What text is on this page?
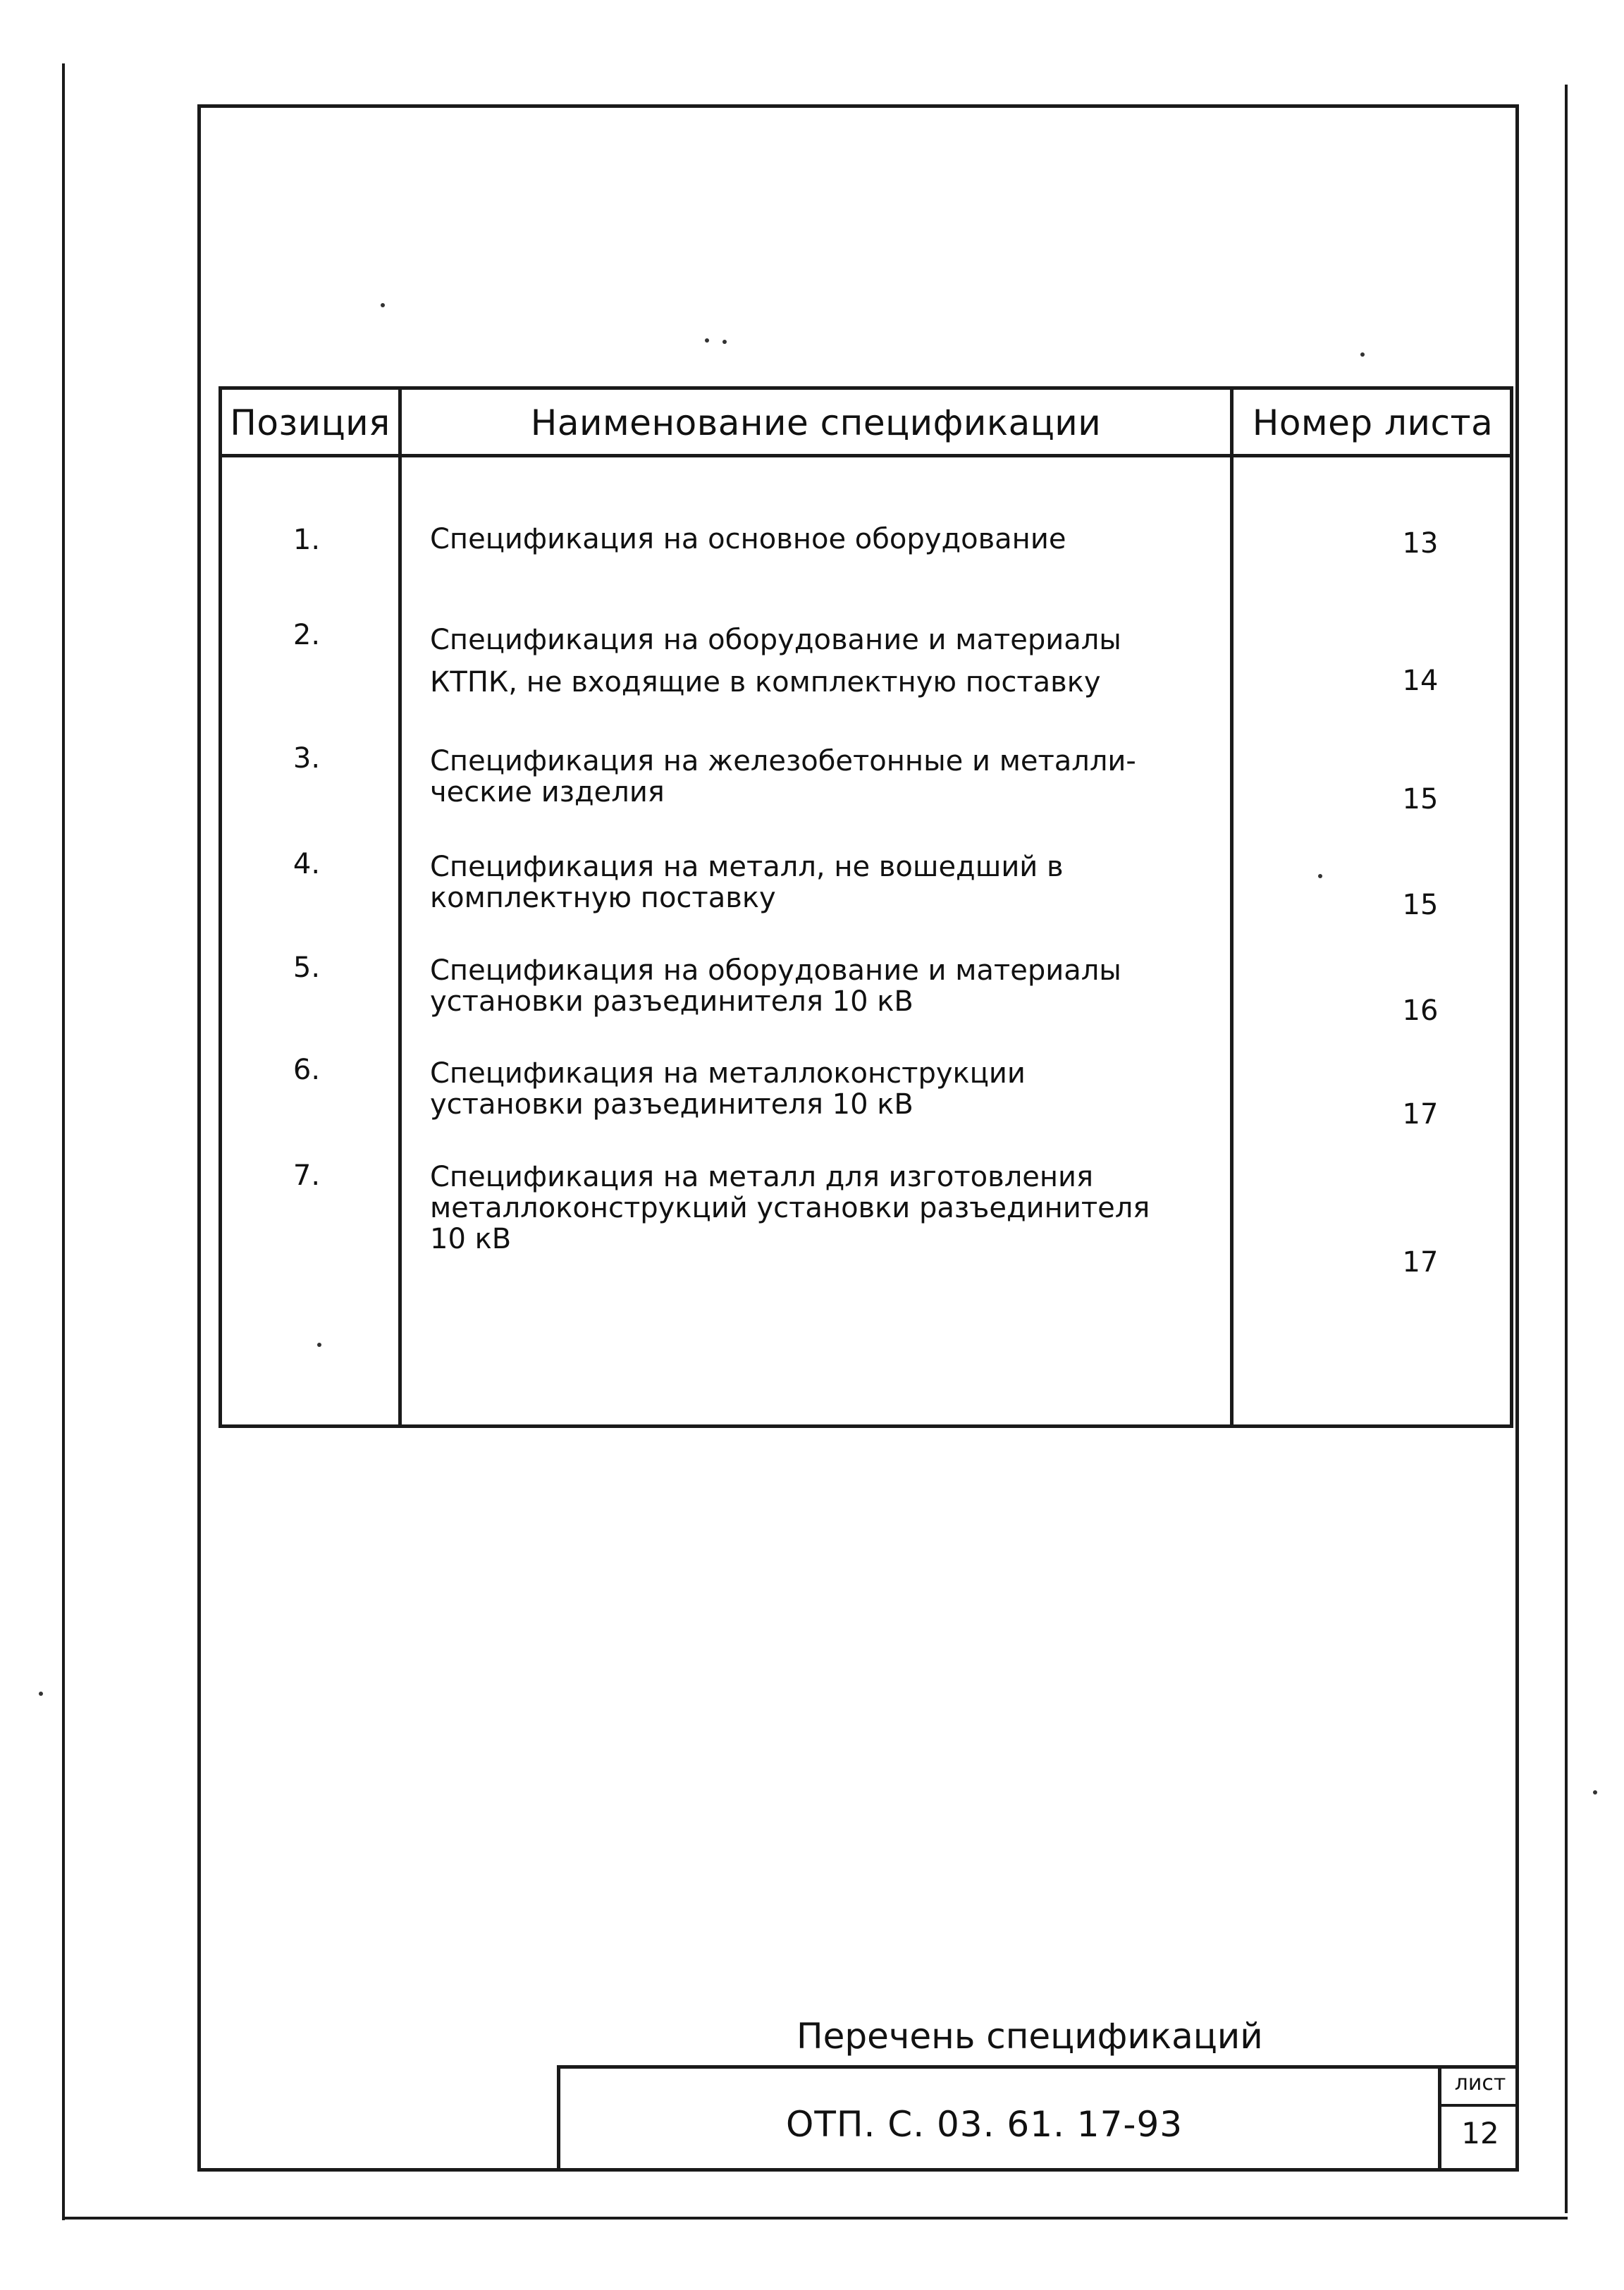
Позиция	Наименование спецификации	Номер листа
1.	Спецификация на основное оборудование	13
2.	Спецификация на оборудование и материалы
КТПК, не входящие в комплектную поставку	14
3.	Спецификация на железобетонные и металли-
ческие изделия	15
4.	Спецификация на металл, не вошедший в
комплектную поставку	15
5.	Спецификация на оборудование и материалы
установки разъединителя 10 кВ	16
6.	Спецификация на металлоконструкции
установки разъединителя 10 кВ	17
7.	Спецификация на металл для изготовления
металлоконструкций установки разъединителя
10 кВ
17
Перечень спецификаций
ОТП. С. 03. 61. 17-93
лист
12
